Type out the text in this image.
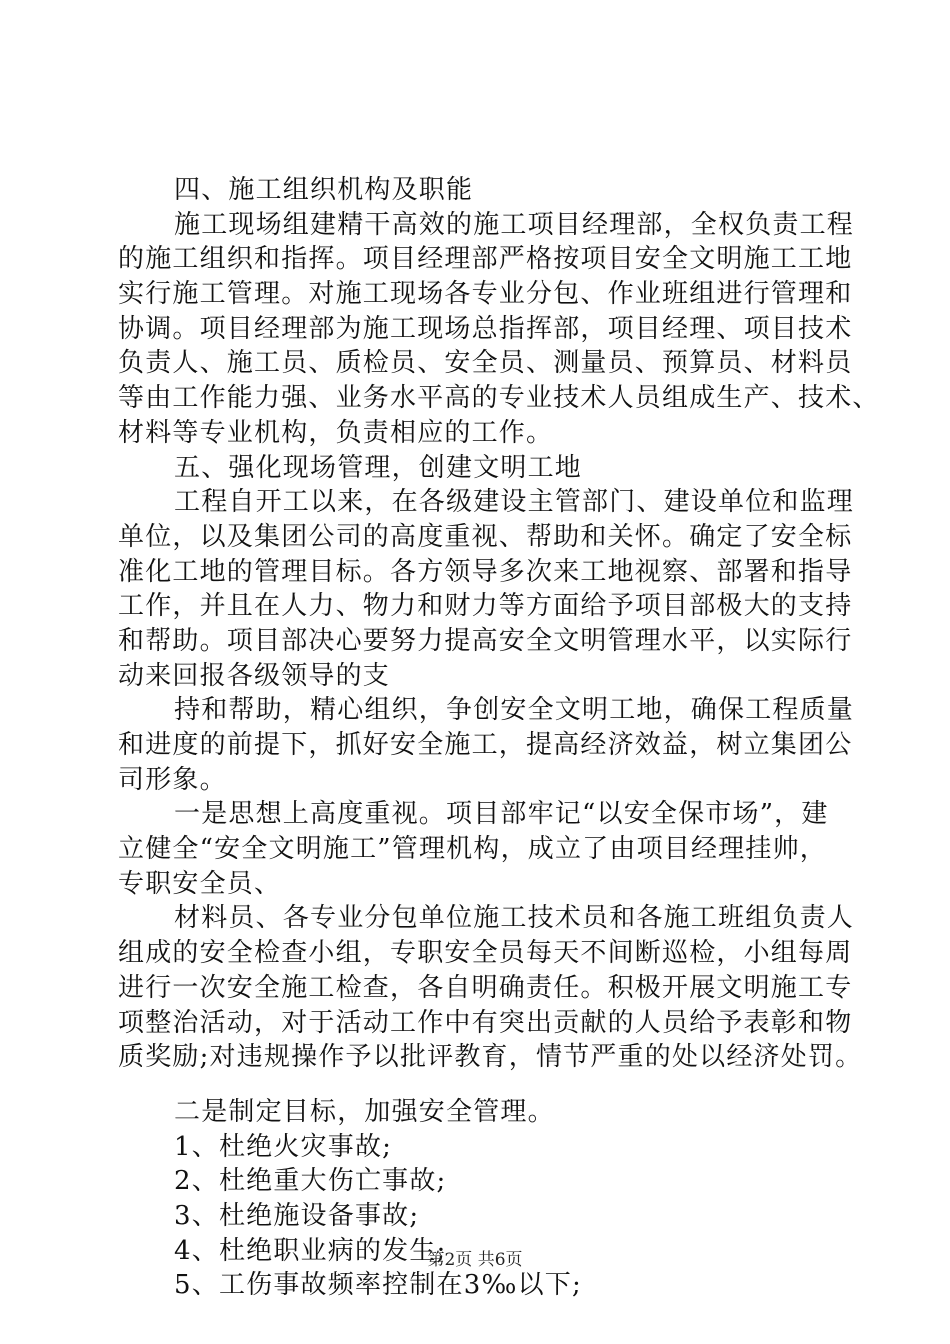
四、施工组织机构及职能
施工现场组建精干高效的施工项目经理部，全权负责工程
的施工组织和指挥。项目经理部严格按项目安全文明施工工地
实行施工管理。对施工现场各专业分包、作业班组进行管理和
协调。项目经理部为施工现场总指挥部，项目经理、项目技术
负责人、施工员、质检员、安全员、测量员、预算员、材料员
等由工作能力强、业务水平高的专业技术人员组成生产、技术、
材料等专业机构，负责相应的工作。
五、强化现场管理，创建文明工地
工程自开工以来，在各级建设主管部门、建设单位和监理
单位，以及集团公司的高度重视、帮助和关怀。确定了安全标
准化工地的管理目标。各方领导多次来工地视察、部署和指导
工作，并且在人力、物力和财力等方面给予项目部极大的支持
和帮助。项目部决心要努力提高安全文明管理水平，以实际行
动来回报各级领导的支
持和帮助，精心组织，争创安全文明工地，确保工程质量
和进度的前提下，抓好安全施工，提高经济效益，树立集团公
司形象。
一是思想上高度重视。项目部牢记“以安全保市场”，建
立健全“安全文明施工”管理机构，成立了由项目经理挂帅，
专职安全员、
材料员、各专业分包单位施工技术员和各施工班组负责人
组成的安全检查小组，专职安全员每天不间断巡检，小组每周
进行一次安全施工检查，各自明确责任。积极开展文明施工专
项整治活动，对于活动工作中有突出贡献的人员给予表彰和物
质奖励;对违规操作予以批评教育，情节严重的处以经济处罚。
二是制定目标，加强安全管理。
1、杜绝火灾事故;
2、杜绝重大伤亡事故;
3、杜绝施设备事故;
4、杜绝职业病的发生;
5、工伤事故频率控制在3‰以下;
第2页 共6页
